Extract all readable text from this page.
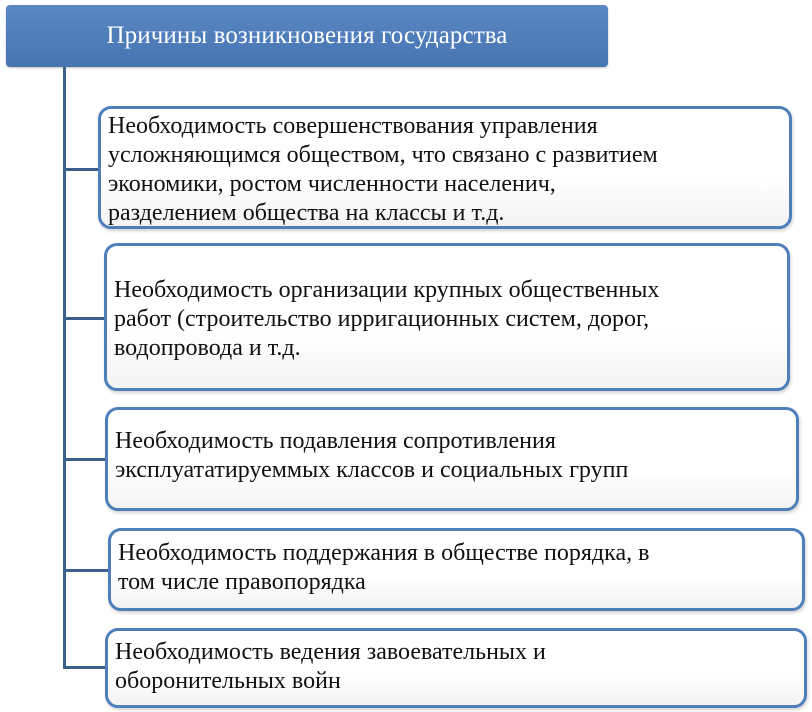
Причины возникновения государства
Необходимость совершенствования управления
усложняющимся обществом, что связано с развитием
экономики, ростом численности населенич,
разделением общества на классы и т.д.
Необходимость организации крупных общественных
работ (строительство ирригационных систем, дорог,
водопровода и т.д.
Необходимость подавления сопротивления
эксплуататируеммых классов и социальных групп
Необходимость поддержания в обществе порядка, в
том числе правопорядка
Необходимость ведения завоевательных и
оборонительных войн
